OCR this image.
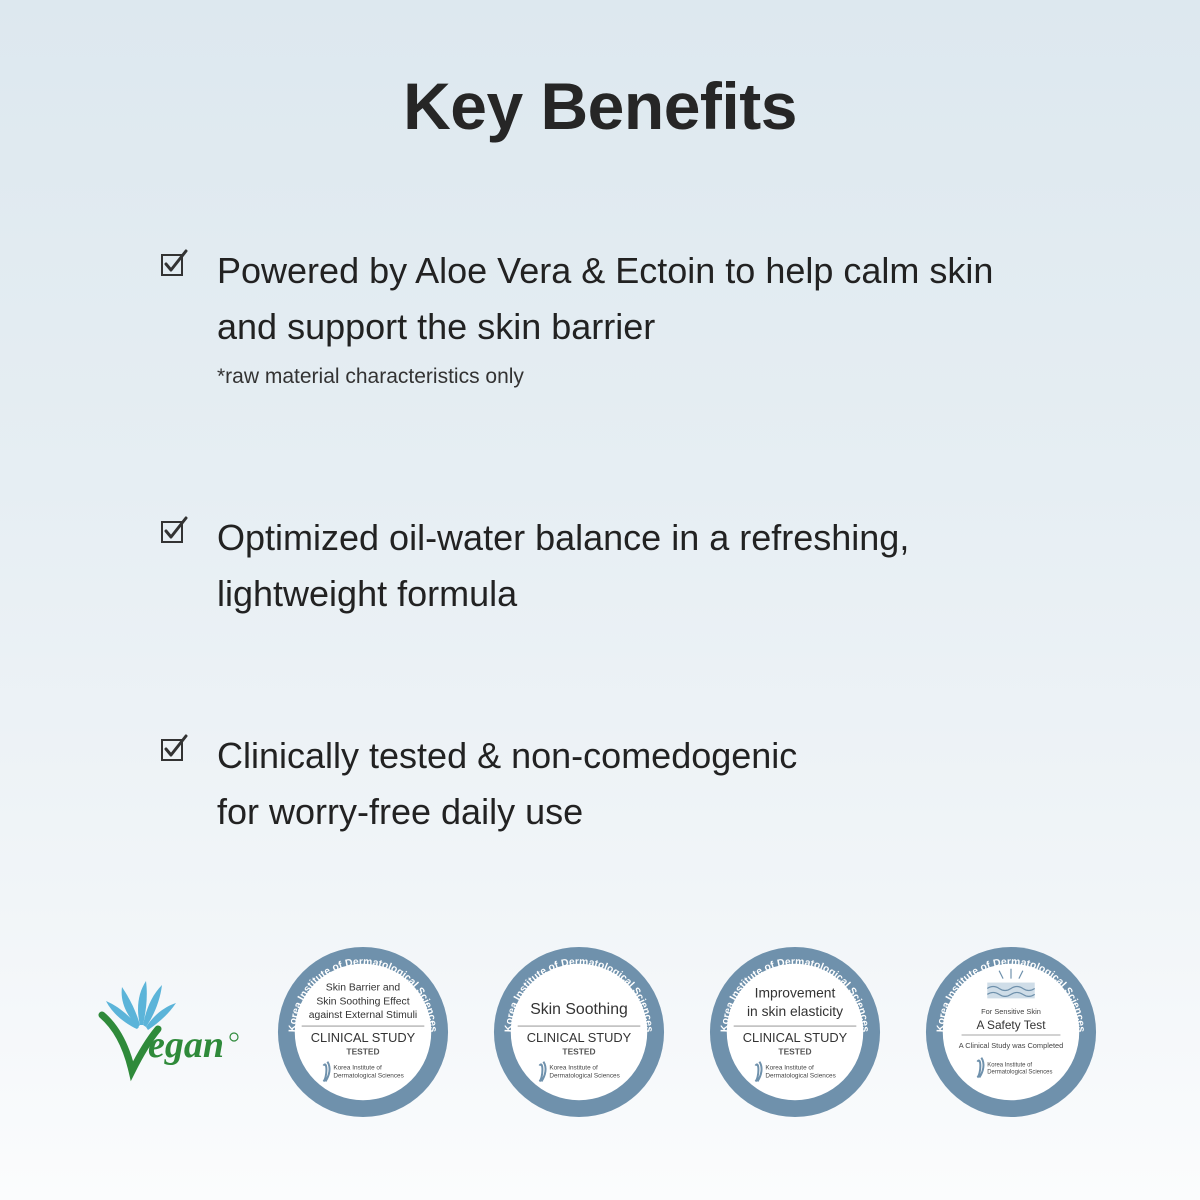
Key Benefits
Powered by Aloe Vera & Ectoin to help calm skin
and support the skin barrier
*raw material characteristics only
Optimized oil-water balance in a refreshing,
lightweight formula
Clinically tested & non-comedogenic
for worry-free daily use
egan	Korea Institute of Dermatological Sciences
Skin Barrier and
Skin Soothing Effect
against External Stimuli
CLINICAL STUDY
TESTED
Korea Institute of
Dermatological Sciences
Korea Institute of Dermatological Sciences
Skin Soothing
CLINICAL STUDY
TESTED
Korea Institute of
Dermatological Sciences
Korea Institute of Dermatological Sciences
Improvement
in skin elasticity
CLINICAL STUDY
TESTED
Korea Institute of
Dermatological Sciences
Korea Institute of Dermatological Sciences
For Sensitive Skin
A Safety Test
A Clinical Study was Completed
Korea Institute of
Dermatological Sciences
